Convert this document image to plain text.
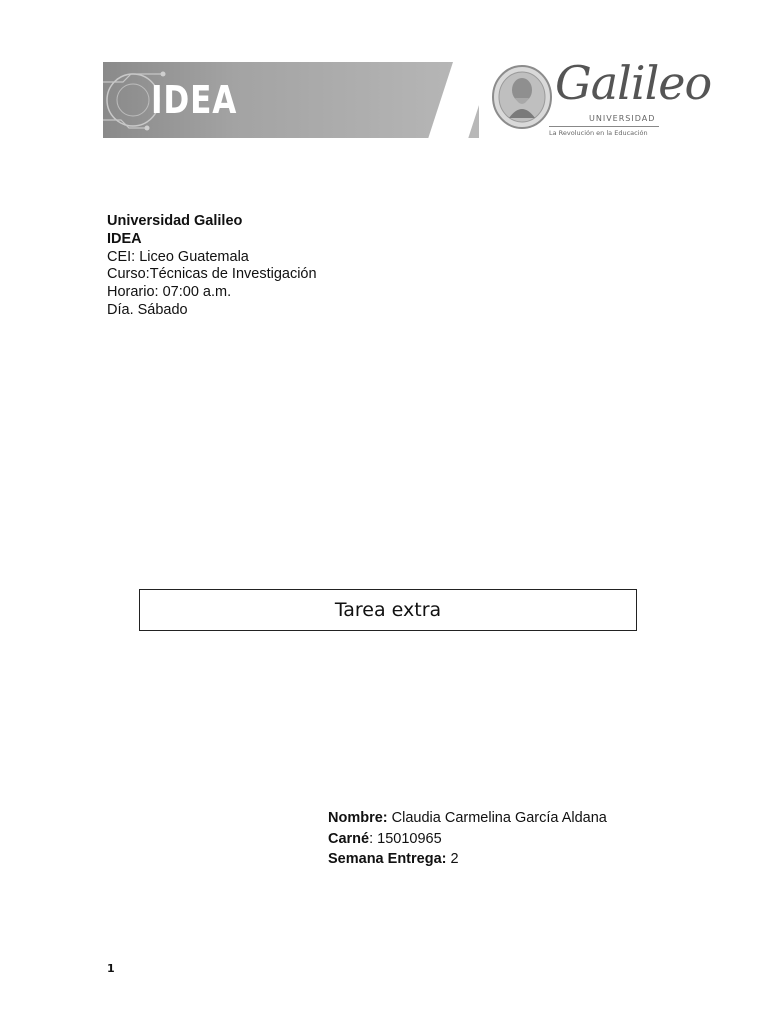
IDEA	Galileo
UNIVERSIDAD
La Revolución en la Educación
Universidad Galileo
IDEA
CEI: Liceo Guatemala
Curso:Técnicas de Investigación
Horario: 07:00 a.m.
Día. Sábado
Tarea extra
Nombre: Claudia Carmelina García Aldana
Carné: 15010965
Semana Entrega: 2
1
